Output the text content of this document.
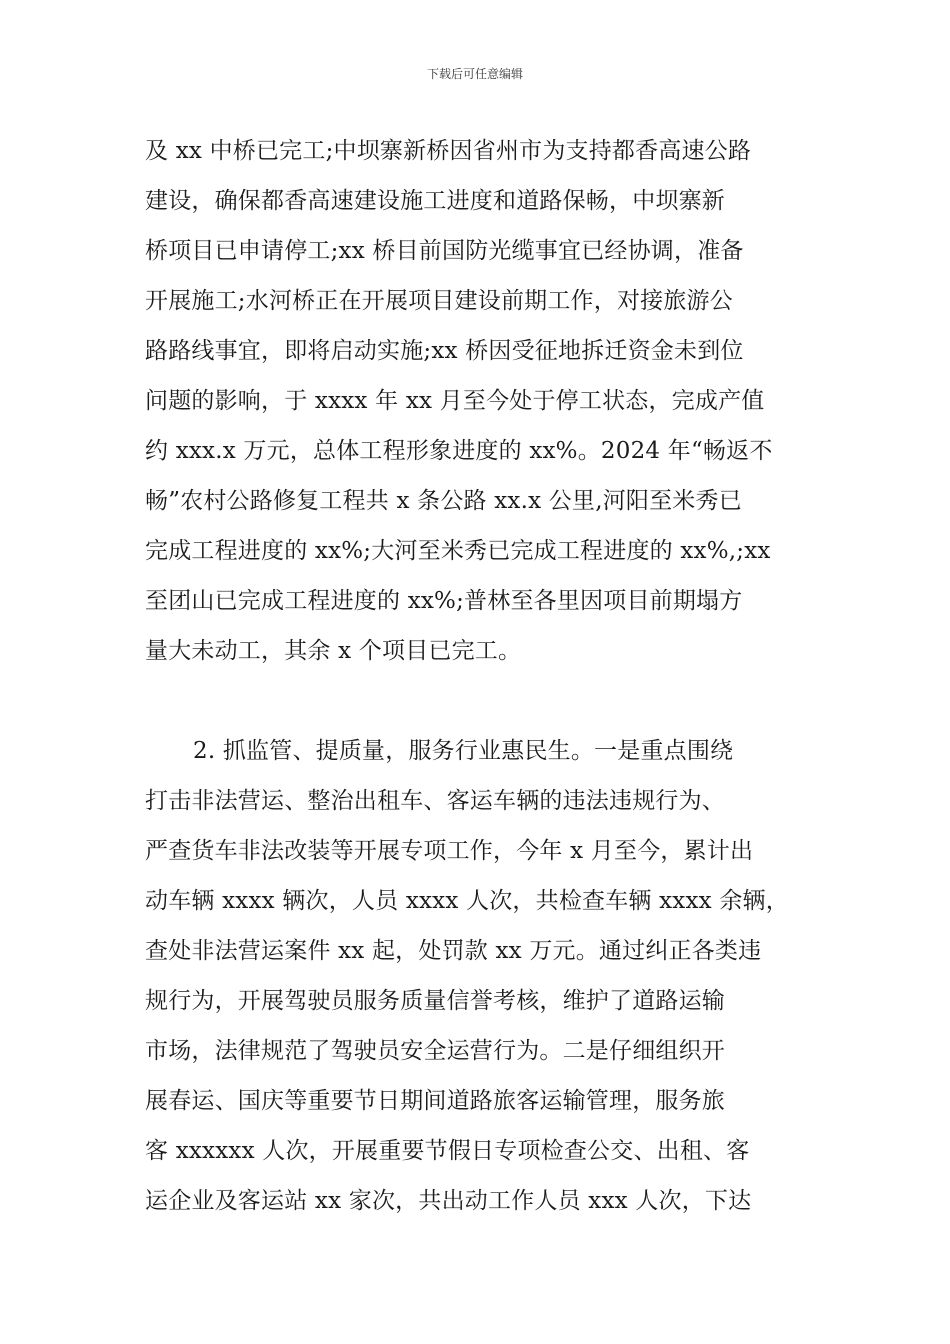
下载后可任意编辑
及 xx 中桥已完工;中坝寨新桥因省州市为支持都香高速公路
建设，确保都香高速建设施工进度和道路保畅，中坝寨新
桥项目已申请停工;xx 桥目前国防光缆事宜已经协调，准备
开展施工;水河桥正在开展项目建设前期工作，对接旅游公
路路线事宜，即将启动实施;xx 桥因受征地拆迁资金未到位
问题的影响，于 xxxx 年 xx 月至今处于停工状态，完成产值
约 xxx.x 万元，总体工程形象进度的 xx%。2024 年“畅返不
畅”农村公路修复工程共 x 条公路 xx.x 公里,河阳至米秀已
完成工程进度的 xx%;大河至米秀已完成工程进度的 xx%,;xx
至团山已完成工程进度的 xx%;普林至各里因项目前期塌方
量大未动工，其余 x 个项目已完工。
2. 抓监管、提质量，服务行业惠民生。一是重点围绕
打击非法营运、整治出租车、客运车辆的违法违规行为、
严查货车非法改装等开展专项工作，今年 x 月至今，累计出
动车辆 xxxx 辆次，人员 xxxx 人次，共检查车辆 xxxx 余辆，
查处非法营运案件 xx 起，处罚款 xx 万元。通过纠正各类违
规行为，开展驾驶员服务质量信誉考核，维护了道路运输
市场，法律规范了驾驶员安全运营行为。二是仔细组织开
展春运、国庆等重要节日期间道路旅客运输管理，服务旅
客 xxxxxx 人次，开展重要节假日专项检查公交、出租、客
运企业及客运站 xx 家次，共出动工作人员 xxx 人次，下达
